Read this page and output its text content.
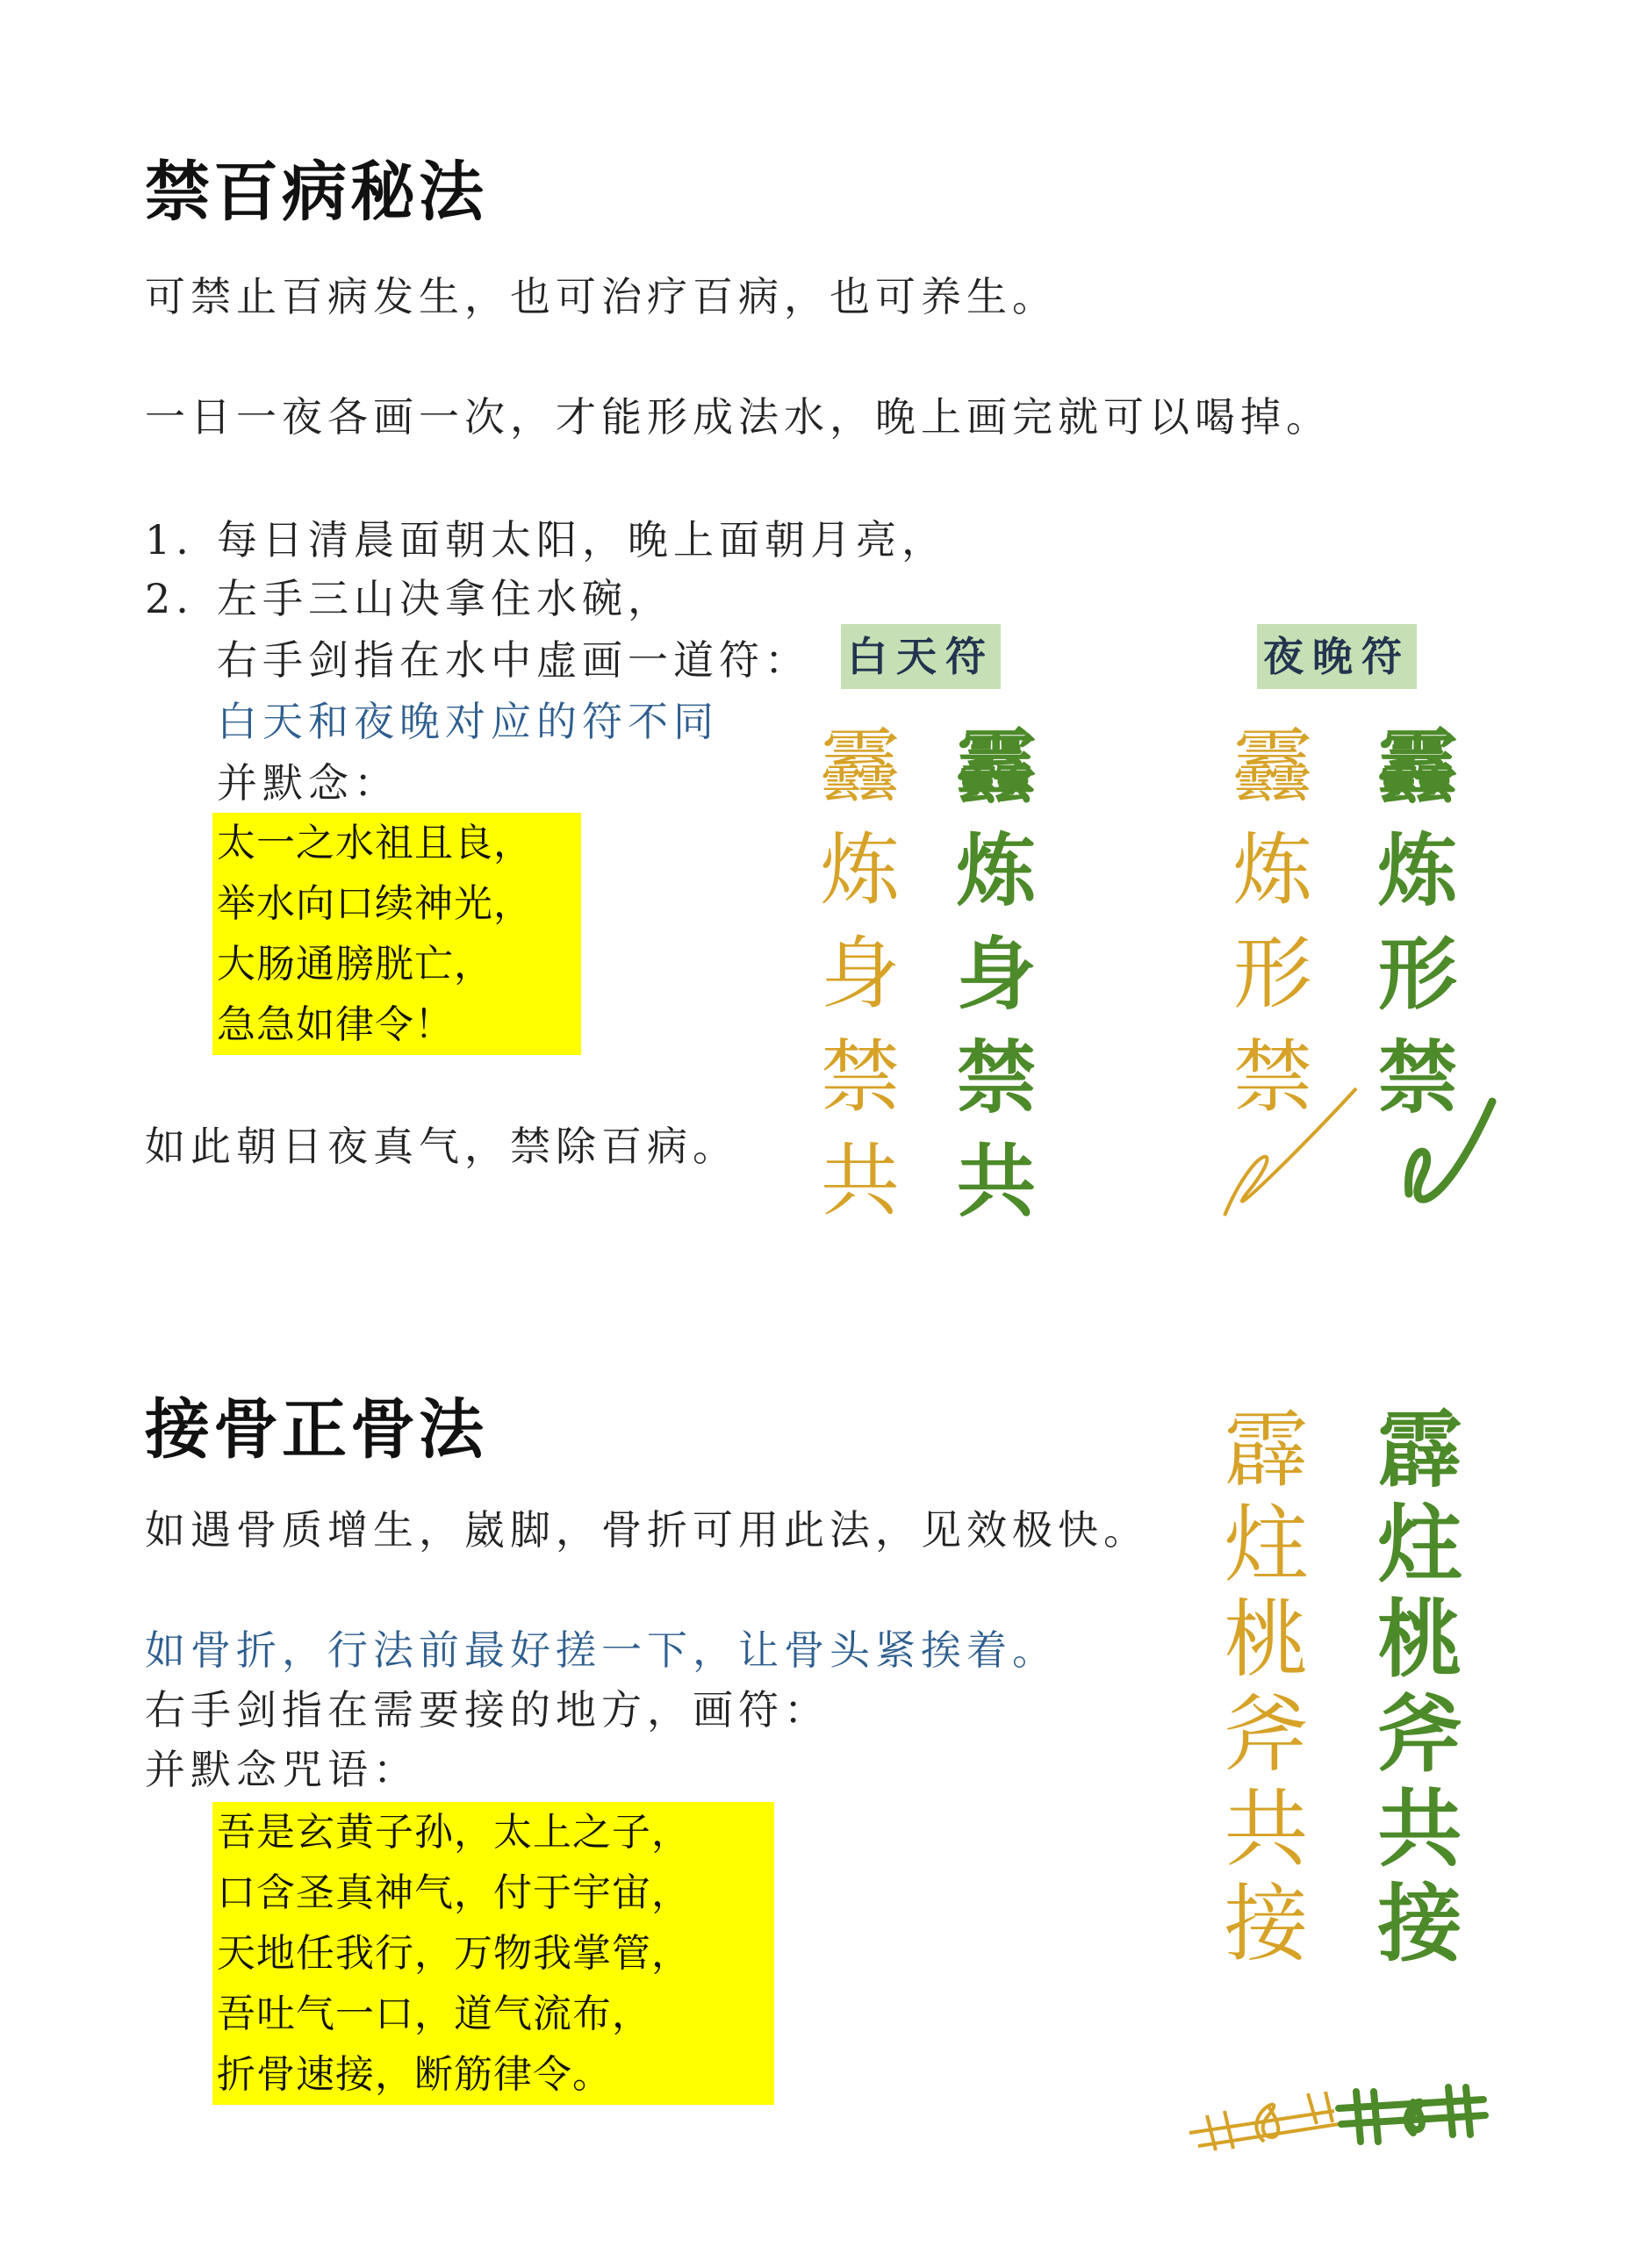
禁百病秘法
可禁止百病发生，也可治疗百病，也可养生。
一日一夜各画一次，才能形成法水，晚上画完就可以喝掉。
1. 每日清晨面朝太阳，晚上面朝月亮，
2. 左手三山决拿住水碗，
右手剑指在水中虚画一道符：
白天和夜晚对应的符不同
并默念：
太一之水祖且良，
举水向口续神光，
大肠通膀胱亡，
急急如律令！
如此朝日夜真气，禁除百病。
白天符	夜晚符
䨺
炼
身
禁
共
䨺
炼
身
禁
共
䨺
炼
形
禁
䨺
炼
形
禁
接骨正骨法
如遇骨质增生，崴脚，骨折可用此法，见效极快。
如骨折，行法前最好搓一下，让骨头紧挨着。
右手剑指在需要接的地方，画符：
并默念咒语：
吾是玄黄子孙，太上之子，
口含圣真神气，付于宇宙，
天地任我行，万物我掌管，
吾吐气一口，道气流布，
折骨速接，断筋律令。
霹
炷
桃
斧
共
接
霹
炷
桃
斧
共
接
